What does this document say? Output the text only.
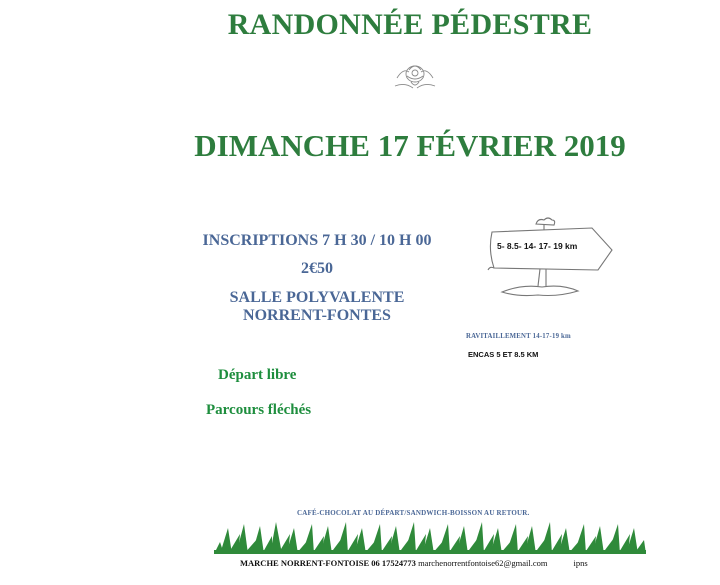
RANDONNÉE PÉDESTRE
DIMANCHE 17 FÉVRIER 2019
INSCRIPTIONS 7 H 30 / 10 H 00
2€50
SALLE POLYVALENTE
NORRENT-FONTES
Départ libre
Parcours fléchés
5- 8.5- 14- 17- 19 km
RAVITAILLEMENT 14-17-19 km
ENCAS 5 ET 8.5 KM
CAFÉ-CHOCOLAT AU DÉPART/SANDWICH-BOISSON AU RETOUR.
MARCHE NORRENT-FONTOISE 06 17524773 marchenorrentfontoise62@gmail.com	ipns
